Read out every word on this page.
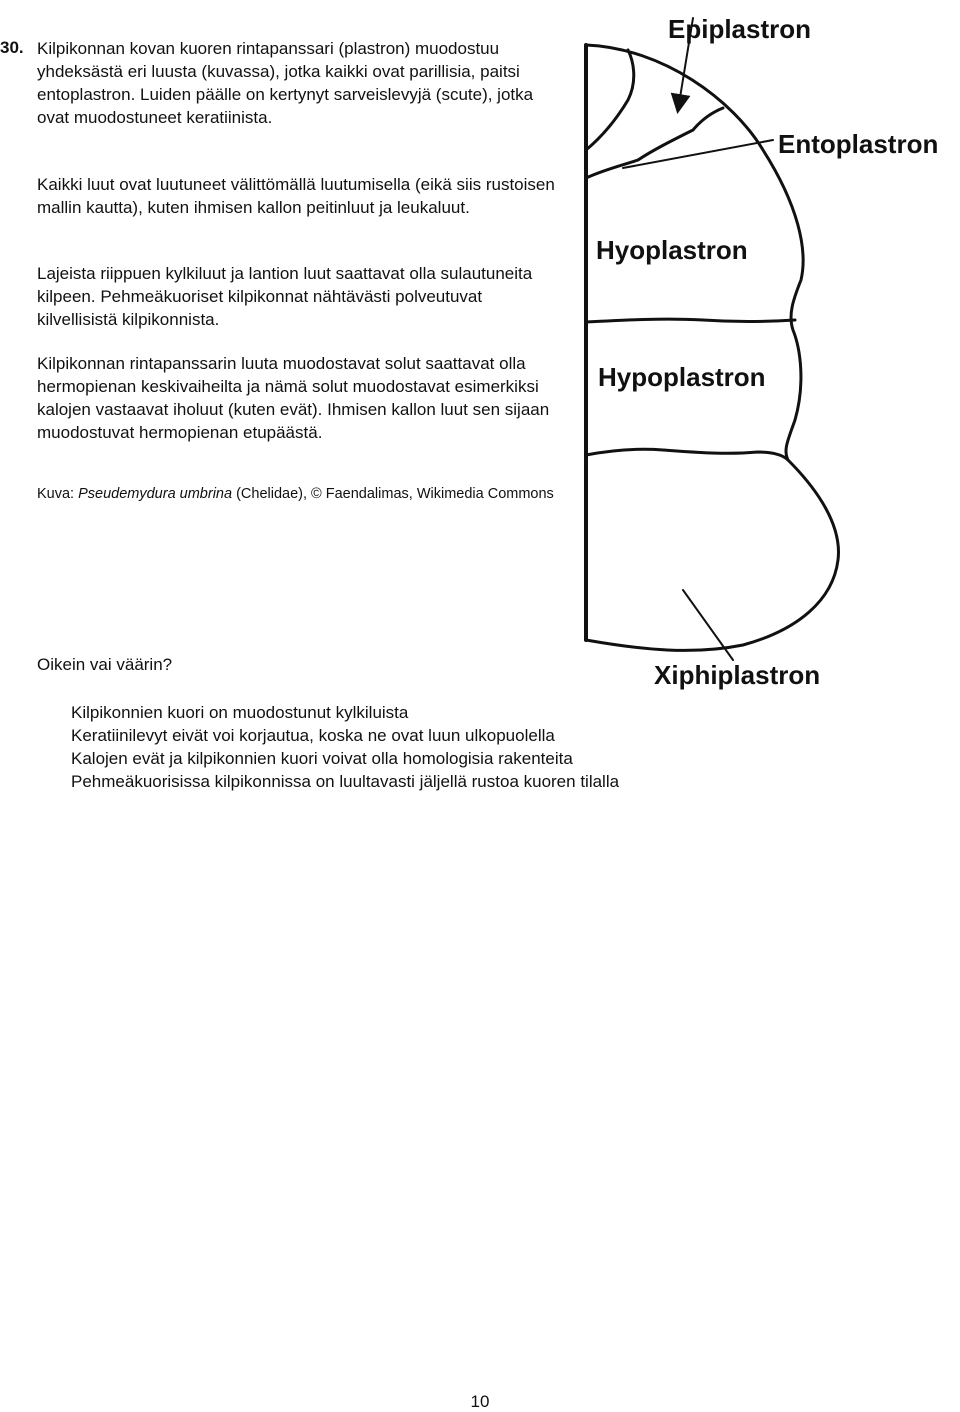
30. Kilpikonnan kovan kuoren rintapanssari (plastron) muodostuu yhdeksästä eri luusta (kuvassa), jotka kaikki ovat parillisia, paitsi entoplastron. Luiden päälle on kertynyt sarveislevyjä (scute), jotka ovat muodostuneet keratiinista.

Kaikki luut ovat luutuneet välittömällä luutumisella (eikä siis rustoisen mallin kautta), kuten ihmisen kallon peitinluut ja leukaluut.

Lajeista riippuen kylkiluut ja lantion luut saattavat olla sulautuneita kilpeen. Pehmeäkuoriset kilpikonnat nähtävästi polveutuvat kilvellisistä kilpikonnista.

Kilpikonnan rintapanssarin luuta muodostavat solut saattavat olla hermopienan keskivaiheilta ja nämä solut muodostavat esimerkiksi kalojen vastaavat iholuut (kuten evät). Ihmisen kallon luut sen sijaan muodostuvat hermopienan etupäästä.

Kuva: Pseudemydura umbrina (Chelidae), © Faendalimas, Wikimedia Commons
Oikein vai väärin?
Kilpikonnien kuori on muodostunut kylkiluista
Keratiinilevyt eivät voi korjautua, koska ne ovat luun ulkopuolella
Kalojen evät ja kilpikonnien kuori voivat olla homologisia rakenteita
Pehmeäkuorisissa kilpikonnissa on luultavasti jäljellä rustoa kuoren tilalla
Epiplastron
Entoplastron
Hyoplastron
Hypoplastron
Xiphiplastron
10
